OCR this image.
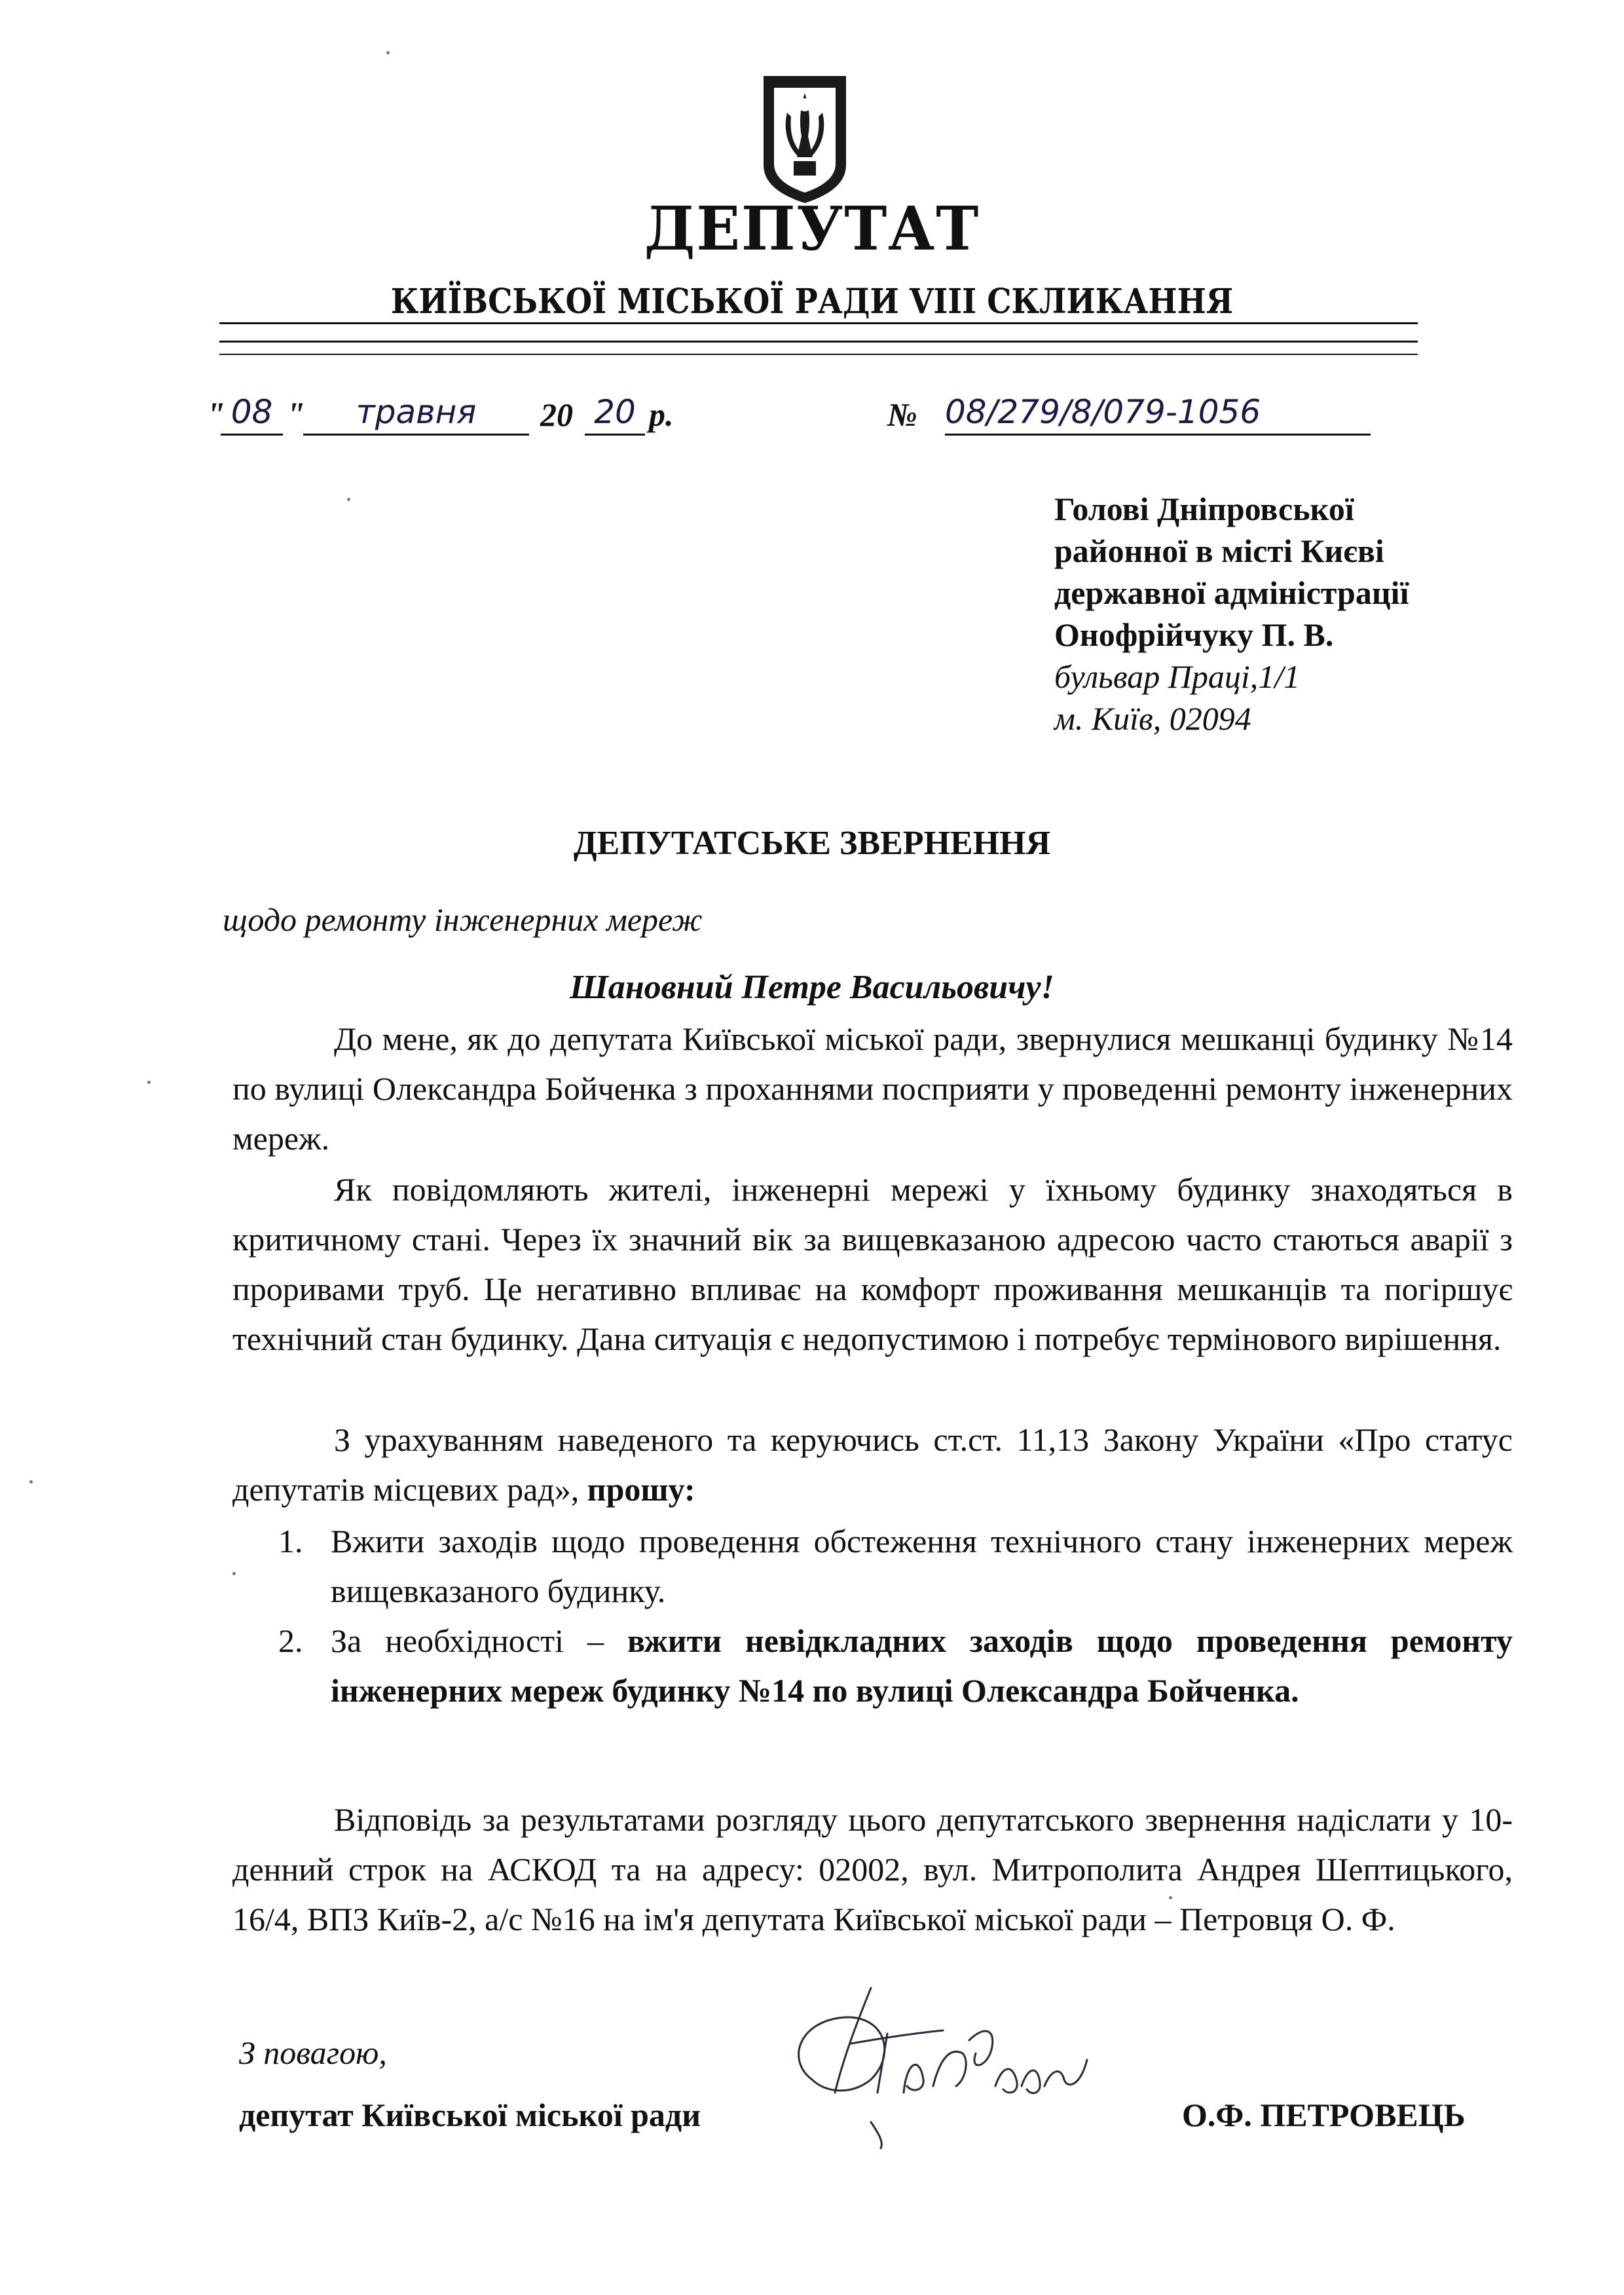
ДЕПУТАТ
КИЇВСЬКОЇ МІСЬКОЇ РАДИ VIII СКЛИКАННЯ
" 08 "	травня	20 20 р.	№ 08/279/8/079-1056
Голові Дніпровської
районної в місті Києві
державної адміністрації
Онофрійчуку П. В.
бульвар Праці,1/1
м. Київ, 02094
ДЕПУТАТСЬКЕ ЗВЕРНЕННЯ
щодо ремонту інженерних мереж
Шановний Петре Васильовичу!

До мене, як до депутата Київської міської ради, звернулися мешканці будинку №14 по вулиці Олександра Бойченка з проханнями посприяти у проведенні ремонту інженерних мереж.

Як повідомляють жителі, інженерні мережі у їхньому будинку знаходяться в критичному стані. Через їх значний вік за вищевказаною адресою часто стаються аварії з проривами труб. Це негативно впливає на комфорт проживання мешканців та погіршує технічний стан будинку. Дана ситуація є недопустимою і потребує термінового вирішення.

З урахуванням наведеного та керуючись ст.ст. 11,13 Закону України «Про статус депутатів місцевих рад», прошу:

1. Вжити заходів щодо проведення обстеження технічного стану інженерних мереж вищевказаного будинку.
2. За необхідності – вжити невідкладних заходів щодо проведення ремонту інженерних мереж будинку №14 по вулиці Олександра Бойченка.

Відповідь за результатами розгляду цього депутатського звернення надіслати у 10-денний строк на АСКОД та на адресу: 02002, вул. Митрополита Андрея Шептицького, 16/4, ВПЗ Київ-2, а/с №16 на ім'я депутата Київської міської ради – Петровця О. Ф.

З повагою,
депутат Київської міської ради	О.Ф. ПЕТРОВЕЦЬ
